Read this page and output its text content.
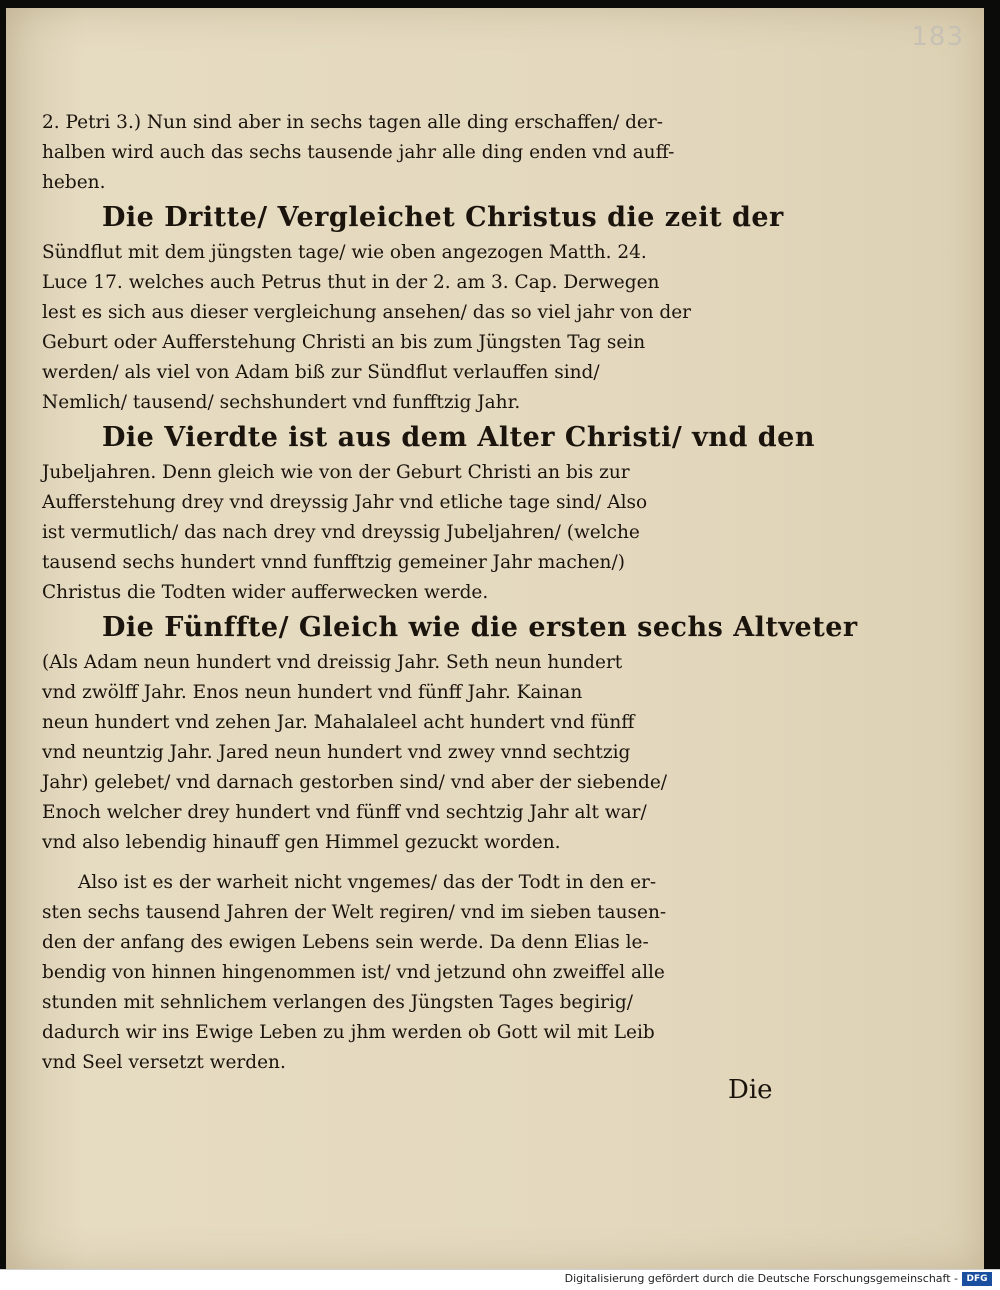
183
2. Petri 3.) Nun sind aber in sechs tagen alle ding erschaffen/ der-
halben wird auch das sechs tausende jahr alle ding enden vnd auff-
heben.
Die Dritte/ Vergleichet Christus die zeit der
Sündflut mit dem jüngsten tage/ wie oben angezogen Matth. 24.
Luce 17. welches auch Petrus thut in der 2. am 3. Cap. Derwegen
lest es sich aus dieser vergleichung ansehen/ das so viel jahr von der
Geburt oder Aufferstehung Christi an bis zum Jüngsten Tag sein
werden/ als viel von Adam biß zur Sündflut verlauffen sind/
Nemlich/ tausend/ sechshundert vnd funfftzig Jahr.
Die Vierdte ist aus dem Alter Christi/ vnd den
Jubeljahren. Denn gleich wie von der Geburt Christi an bis zur
Aufferstehung drey vnd dreyssig Jahr vnd etliche tage sind/ Also
ist vermutlich/ das nach drey vnd dreyssig Jubeljahren/ (welche
tausend sechs hundert vnnd funfftzig gemeiner Jahr machen/)
Christus die Todten wider aufferwecken werde.
Die Fünffte/ Gleich wie die ersten sechs Altveter
(Als Adam neun hundert vnd dreissig Jahr. Seth neun hundert
vnd zwölff Jahr. Enos neun hundert vnd fünff Jahr. Kainan
neun hundert vnd zehen Jar. Mahalaleel acht hundert vnd fünff
vnd neuntzig Jahr. Jared neun hundert vnd zwey vnnd sechtzig
Jahr) gelebet/ vnd darnach gestorben sind/ vnd aber der siebende/
Enoch welcher drey hundert vnd fünff vnd sechtzig Jahr alt war/
vnd also lebendig hinauff gen Himmel gezuckt worden.
Also ist es der warheit nicht vngemes/ das der Todt in den er-
sten sechs tausend Jahren der Welt regiren/ vnd im sieben tausen-
den der anfang des ewigen Lebens sein werde. Da denn Elias le-
bendig von hinnen hingenommen ist/ vnd jetzund ohn zweiffel alle
stunden mit sehnlichem verlangen des Jüngsten Tages begirig/
dadurch wir ins Ewige Leben zu jhm werden ob Gott wil mit Leib
vnd Seel versetzt werden.
Die
Digitalisierung gefördert durch die Deutsche Forschungsgemeinschaft - DFG
